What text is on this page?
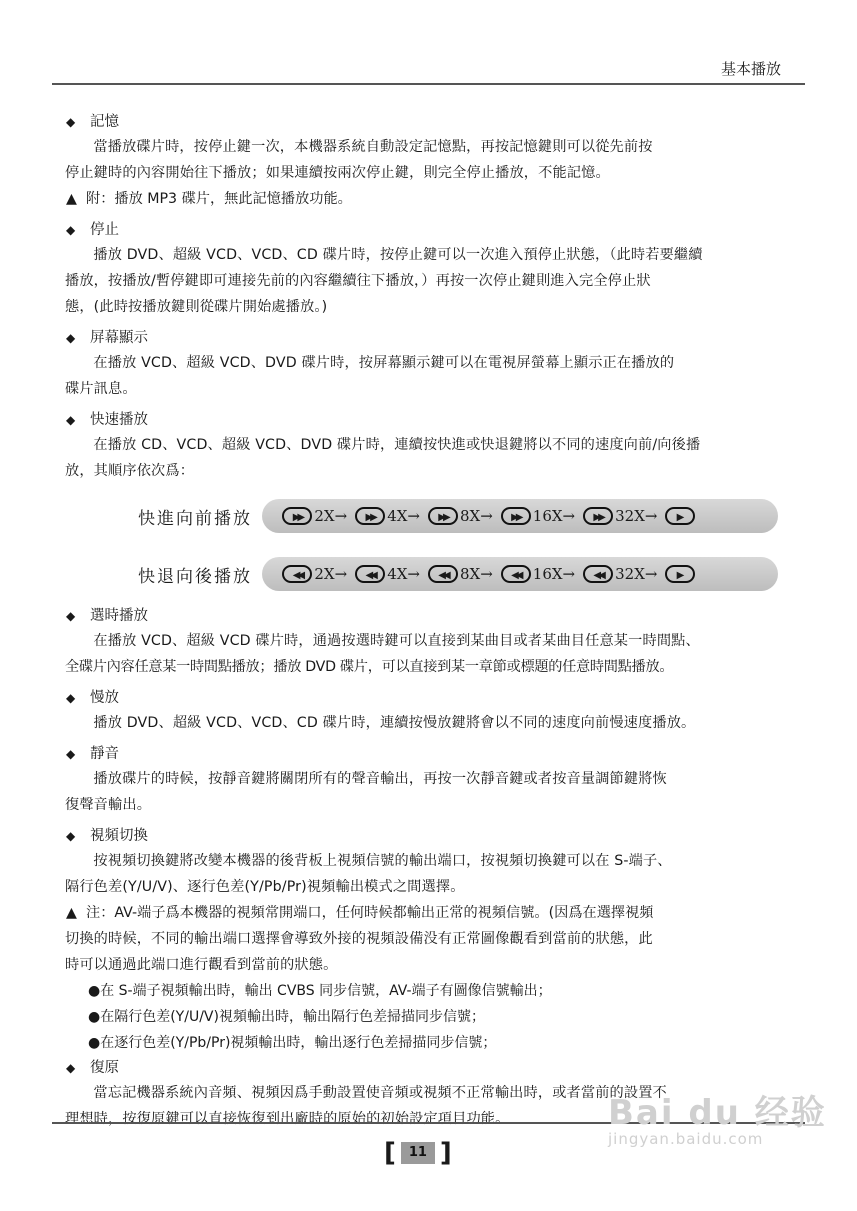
基本播放
◆ 記憶
當播放碟片時，按停止鍵一次，本機器系統自動設定記憶點，再按記憶鍵則可以從先前按
停止鍵時的內容開始往下播放；如果連續按兩次停止鍵，則完全停止播放，不能記憶。
▲ 附：播放 MP3 碟片，無此記憶播放功能。
◆ 停止
播放 DVD、超級 VCD、VCD、CD 碟片時，按停止鍵可以一次進入預停止狀態，（此時若要繼續
播放，按播放/暫停鍵即可連接先前的內容繼續往下播放，）再按一次停止鍵則進入完全停止狀
態，(此時按播放鍵則從碟片開始處播放。)
◆ 屏幕顯示
在播放 VCD、超級 VCD、DVD 碟片時，按屏幕顯示鍵可以在電視屏螢幕上顯示正在播放的
碟片訊息。
◆ 快速播放
在播放 CD、VCD、超級 VCD、DVD 碟片時，連續按快進或快退鍵將以不同的速度向前/向後播
放，其順序依次爲：
快進向前播放	▶▶ 2X→	▶▶ 4X→	▶▶ 8X→	▶▶ 16X→	▶▶ 32X→	▶
快退向後播放	◀◀ 2X→	◀◀ 4X→	◀◀ 8X→	◀◀ 16X→	◀◀ 32X→	▶
◆ 選時播放
在播放 VCD、超級 VCD 碟片時，通過按選時鍵可以直接到某曲目或者某曲目任意某一時間點、
全碟片內容任意某一時間點播放；播放 DVD 碟片，可以直接到某一章節或標題的任意時間點播放。
◆ 慢放
播放 DVD、超級 VCD、VCD、CD 碟片時，連續按慢放鍵將會以不同的速度向前慢速度播放。
◆ 靜音
播放碟片的時候，按靜音鍵將關閉所有的聲音輸出，再按一次靜音鍵或者按音量調節鍵將恢
復聲音輸出。
◆ 視頻切換
按視頻切換鍵將改變本機器的後背板上視頻信號的輸出端口，按視頻切換鍵可以在 S-端子、
隔行色差(Y/U/V)、逐行色差(Y/Pb/Pr)視頻輸出模式之間選擇。
▲ 注：AV-端子爲本機器的視頻常開端口，任何時候都輸出正常的視頻信號。(因爲在選擇視頻
切換的時候，不同的輸出端口選擇會導致外接的視頻設備没有正常圖像觀看到當前的狀態，此
時可以通過此端口進行觀看到當前的狀態。
●在 S-端子視頻輸出時，輸出 CVBS 同步信號，AV-端子有圖像信號輸出；
●在隔行色差(Y/U/V)視頻輸出時，輸出隔行色差掃描同步信號；
●在逐行色差(Y/Pb/Pr)視頻輸出時，輸出逐行色差掃描同步信號；
◆ 復原
當忘記機器系統內音頻、視頻因爲手動設置使音頻或視頻不正常輸出時，或者當前的設置不
理想時，按復原鍵可以直接恢復到出廠時的原始的初始設定項目功能。
[ 11 ]
Bai du 经验
jingyan.baidu.com
